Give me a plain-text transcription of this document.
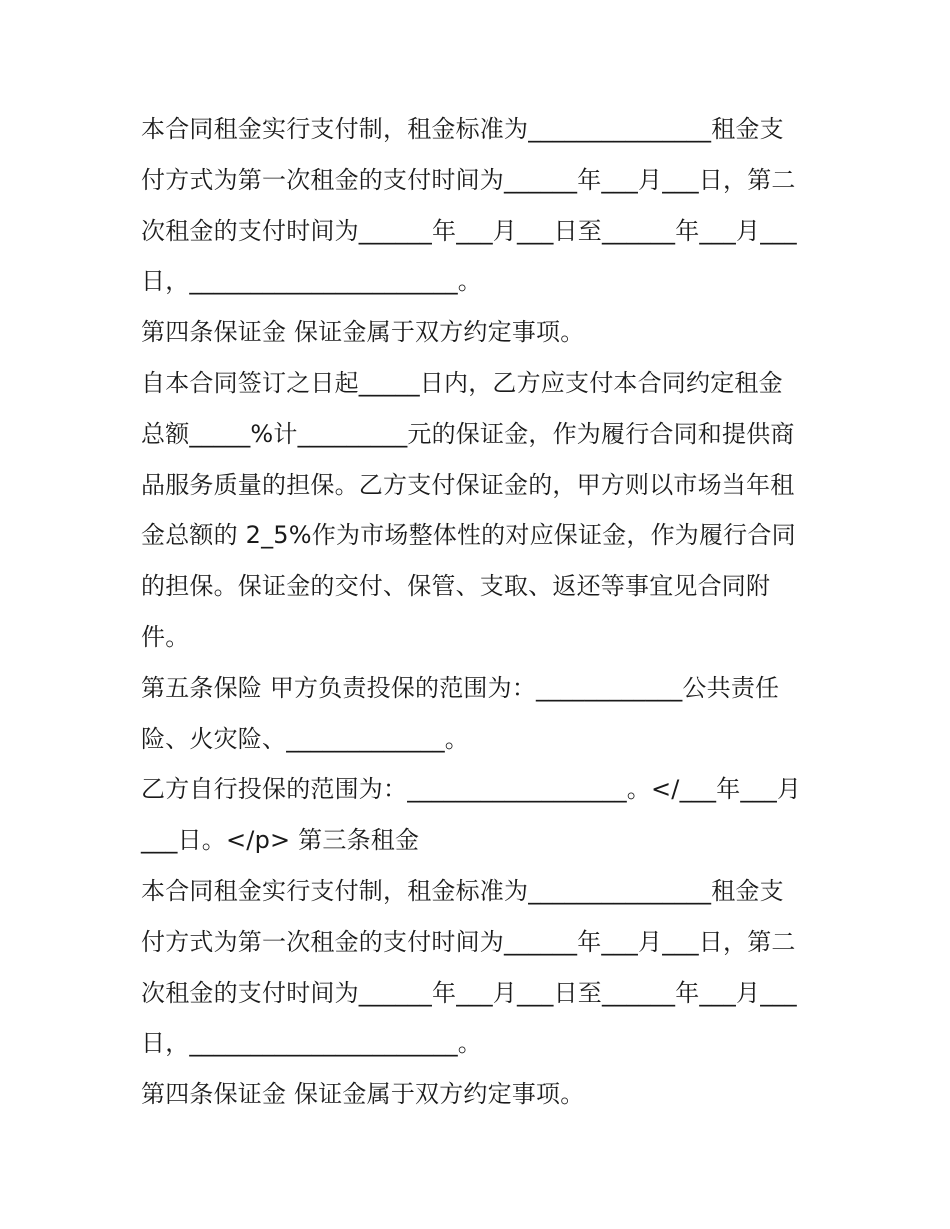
本合同租金实行支付制，租金标准为_______________租金支

付方式为第一次租金的支付时间为______年___月___日，第二

次租金的支付时间为______年___月___日至______年___月___

日，______________________。

第四条保证金 保证金属于双方约定事项。

自本合同签订之日起_____日内，乙方应支付本合同约定租金

总额_____%计_________元的保证金，作为履行合同和提供商

品服务质量的担保。乙方支付保证金的，甲方则以市场当年租

金总额的 2_5%作为市场整体性的对应保证金，作为履行合同

的担保。保证金的交付、保管、支取、返还等事宜见合同附

件。

第五条保险 甲方负责投保的范围为：____________公共责任

险、火灾险、_____________。

乙方自行投保的范围为：__________________。</___年___月

___日。</p> 第三条租金

本合同租金实行支付制，租金标准为_______________租金支

付方式为第一次租金的支付时间为______年___月___日，第二

次租金的支付时间为______年___月___日至______年___月___

日，______________________。

第四条保证金 保证金属于双方约定事项。
